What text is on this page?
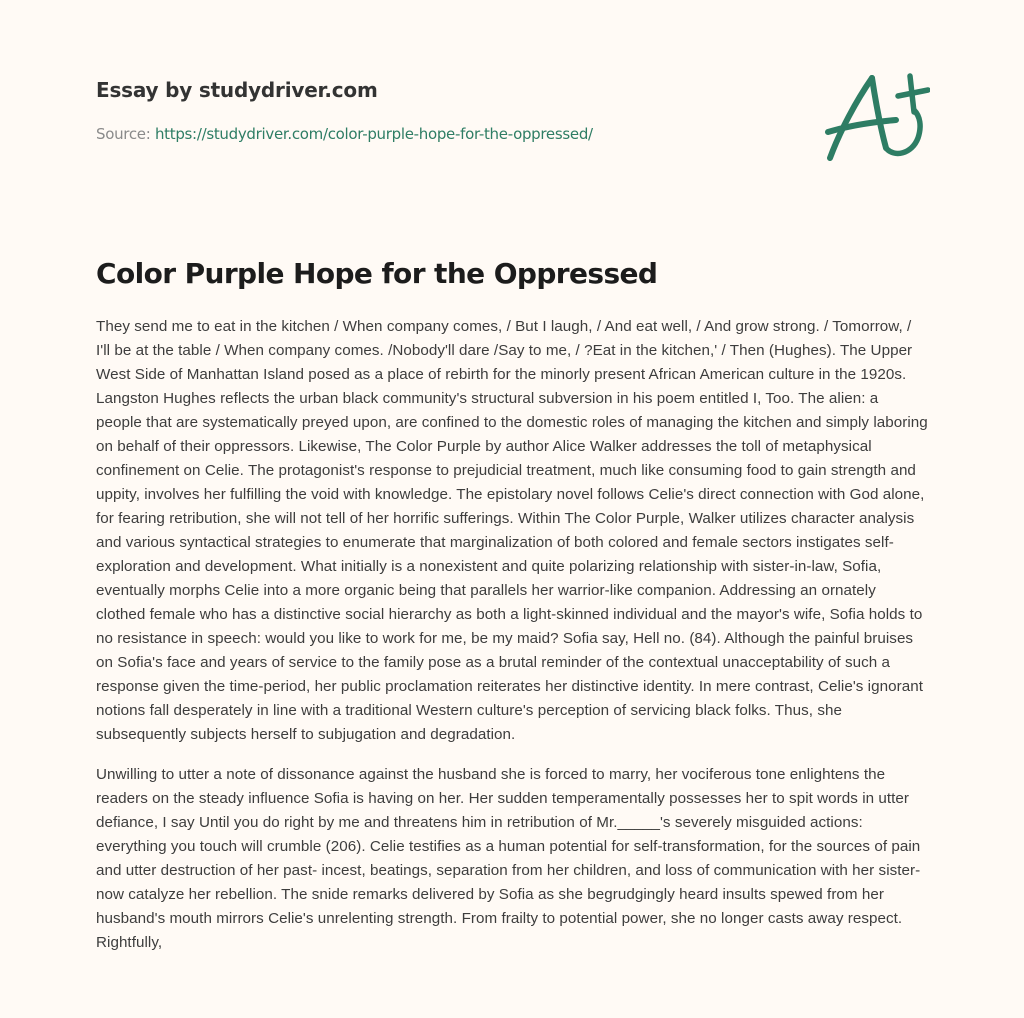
Essay by studydriver.com
Source: https://studydriver.com/color-purple-hope-for-the-oppressed/
Color Purple Hope for the Oppressed

They send me to eat in the kitchen / When company comes, / But I laugh, / And eat well, / And grow strong. / Tomorrow, / I'll be at the table / When company comes. /Nobody'll dare /Say to me, / ?Eat in the kitchen,' / Then (Hughes). The Upper West Side of Manhattan Island posed as a place of rebirth for the minorly present African American culture in the 1920s. Langston Hughes reflects the urban black community's structural subversion in his poem entitled I, Too. The alien: a people that are systematically preyed upon, are confined to the domestic roles of managing the kitchen and simply laboring on behalf of their oppressors. Likewise, The Color Purple by author Alice Walker addresses the toll of metaphysical confinement on Celie. The protagonist's response to prejudicial treatment, much like consuming food to gain strength and uppity, involves her fulfilling the void with knowledge. The epistolary novel follows Celie's direct connection with God alone, for fearing retribution, she will not tell of her horrific sufferings. Within The Color Purple, Walker utilizes character analysis and various syntactical strategies to enumerate that marginalization of both colored and female sectors instigates self-exploration and development. What initially is a nonexistent and quite polarizing relationship with sister-in-law, Sofia, eventually morphs Celie into a more organic being that parallels her warrior-like companion. Addressing an ornately clothed female who has a distinctive social hierarchy as both a light-skinned individual and the mayor's wife, Sofia holds to no resistance in speech: would you like to work for me, be my maid? Sofia say, Hell no. (84). Although the painful bruises on Sofia's face and years of service to the family pose as a brutal reminder of the contextual unacceptability of such a response given the time-period, her public proclamation reiterates her distinctive identity. In mere contrast, Celie's ignorant notions fall desperately in line with a traditional Western culture's perception of servicing black folks. Thus, she subsequently subjects herself to subjugation and degradation.

Unwilling to utter a note of dissonance against the husband she is forced to marry, her vociferous tone enlightens the readers on the steady influence Sofia is having on her. Her sudden temperamentally possesses her to spit words in utter defiance, I say Until you do right by me and threatens him in retribution of Mr._____'s severely misguided actions: everything you touch will crumble (206). Celie testifies as a human potential for self-transformation, for the sources of pain and utter destruction of her past- incest, beatings, separation from her children, and loss of communication with her sister- now catalyze her rebellion. The snide remarks delivered by Sofia as she begrudgingly heard insults spewed from her husband's mouth mirrors Celie's unrelenting strength. From frailty to potential power, she no longer casts away respect. Rightfully,
